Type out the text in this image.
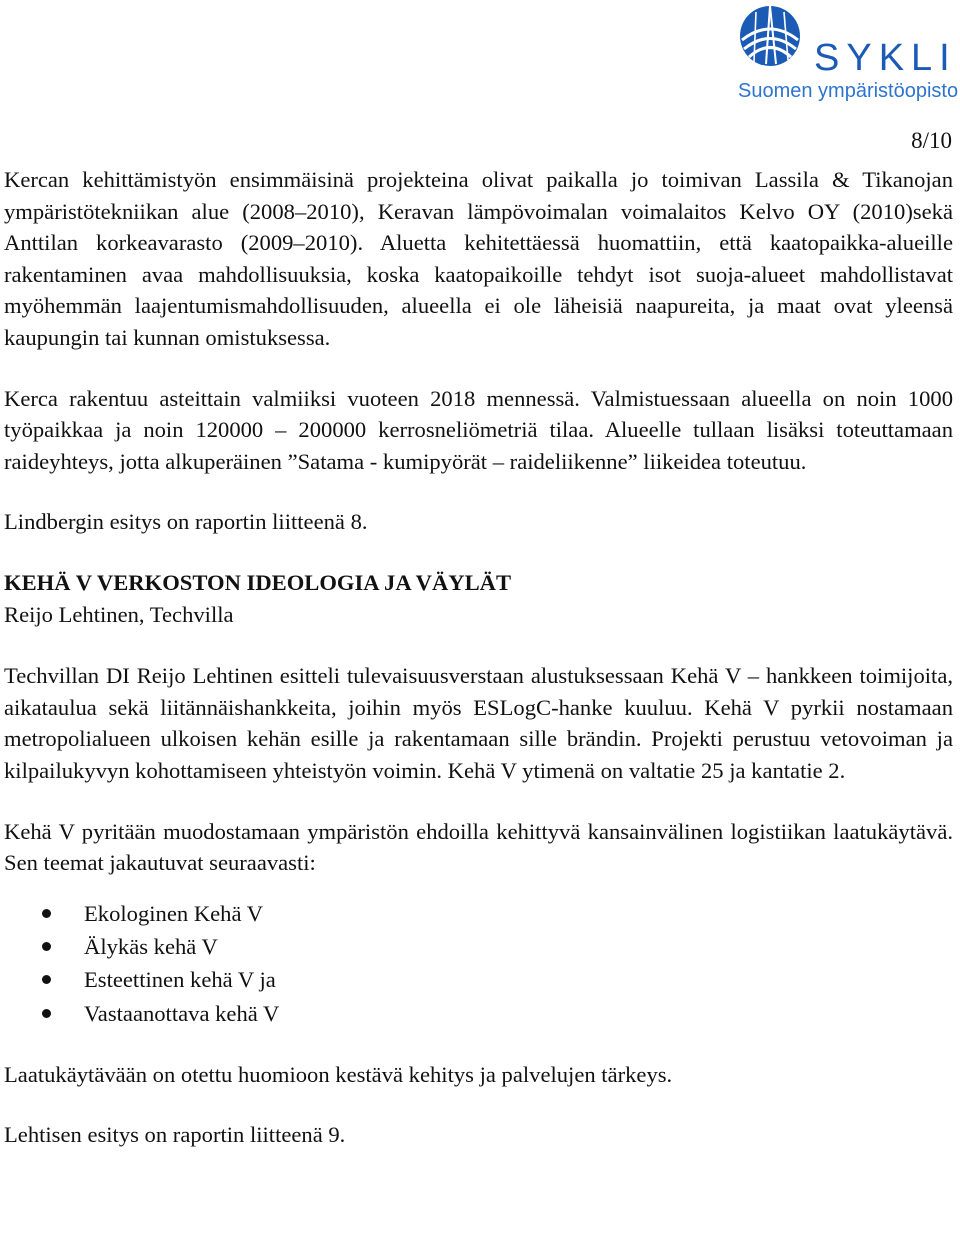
SYKLI
Suomen ympäristöopisto
8/10

Kercan kehittämistyön ensimmäisinä projekteina olivat paikalla jo toimivan Lassila & Tikanojan ympäristötekniikan alue (2008–2010), Keravan lämpövoimalan voimalaitos Kelvo OY (2010)sekä Anttilan korkeavarasto (2009–2010). Aluetta kehitettäessä huomattiin, että kaatopaikka-alueille rakentaminen avaa mahdollisuuksia, koska kaatopaikoille tehdyt isot suoja-alueet mahdollistavat myöhemmän laajentumismahdollisuuden, alueella ei ole läheisiä naapureita, ja maat ovat yleensä kaupungin tai kunnan omistuksessa.

Kerca rakentuu asteittain valmiiksi vuoteen 2018 mennessä. Valmistuessaan alueella on noin 1000 työpaikkaa ja noin 120000 – 200000 kerrosneliömetriä tilaa. Alueelle tullaan lisäksi toteuttamaan raideyhteys, jotta alkuperäinen ”Satama - kumipyörät – raideliikenne” liikeidea toteutuu.

Lindbergin esitys on raportin liitteenä 8.

KEHÄ V VERKOSTON IDEOLOGIA JA VÄYLÄT

Reijo Lehtinen, Techvilla

Techvillan DI Reijo Lehtinen esitteli tulevaisuusverstaan alustuksessaan Kehä V – hankkeen toimijoita, aikataulua sekä liitännäishankkeita, joihin myös ESLogC-hanke kuuluu. Kehä V pyrkii nostamaan metropolialueen ulkoisen kehän esille ja rakentamaan sille brändin. Projekti perustuu vetovoiman ja kilpailukyvyn kohottamiseen yhteistyön voimin. Kehä V ytimenä on valtatie 25 ja kantatie 2.

Kehä V pyritään muodostamaan ympäristön ehdoilla kehittyvä kansainvälinen logistiikan laatukäytävä. Sen teemat jakautuvat seuraavasti:

Ekologinen Kehä V
Älykäs kehä V
Esteettinen kehä V ja
Vastaanottava kehä V

Laatukäytävään on otettu huomioon kestävä kehitys ja palvelujen tärkeys.

Lehtisen esitys on raportin liitteenä 9.
